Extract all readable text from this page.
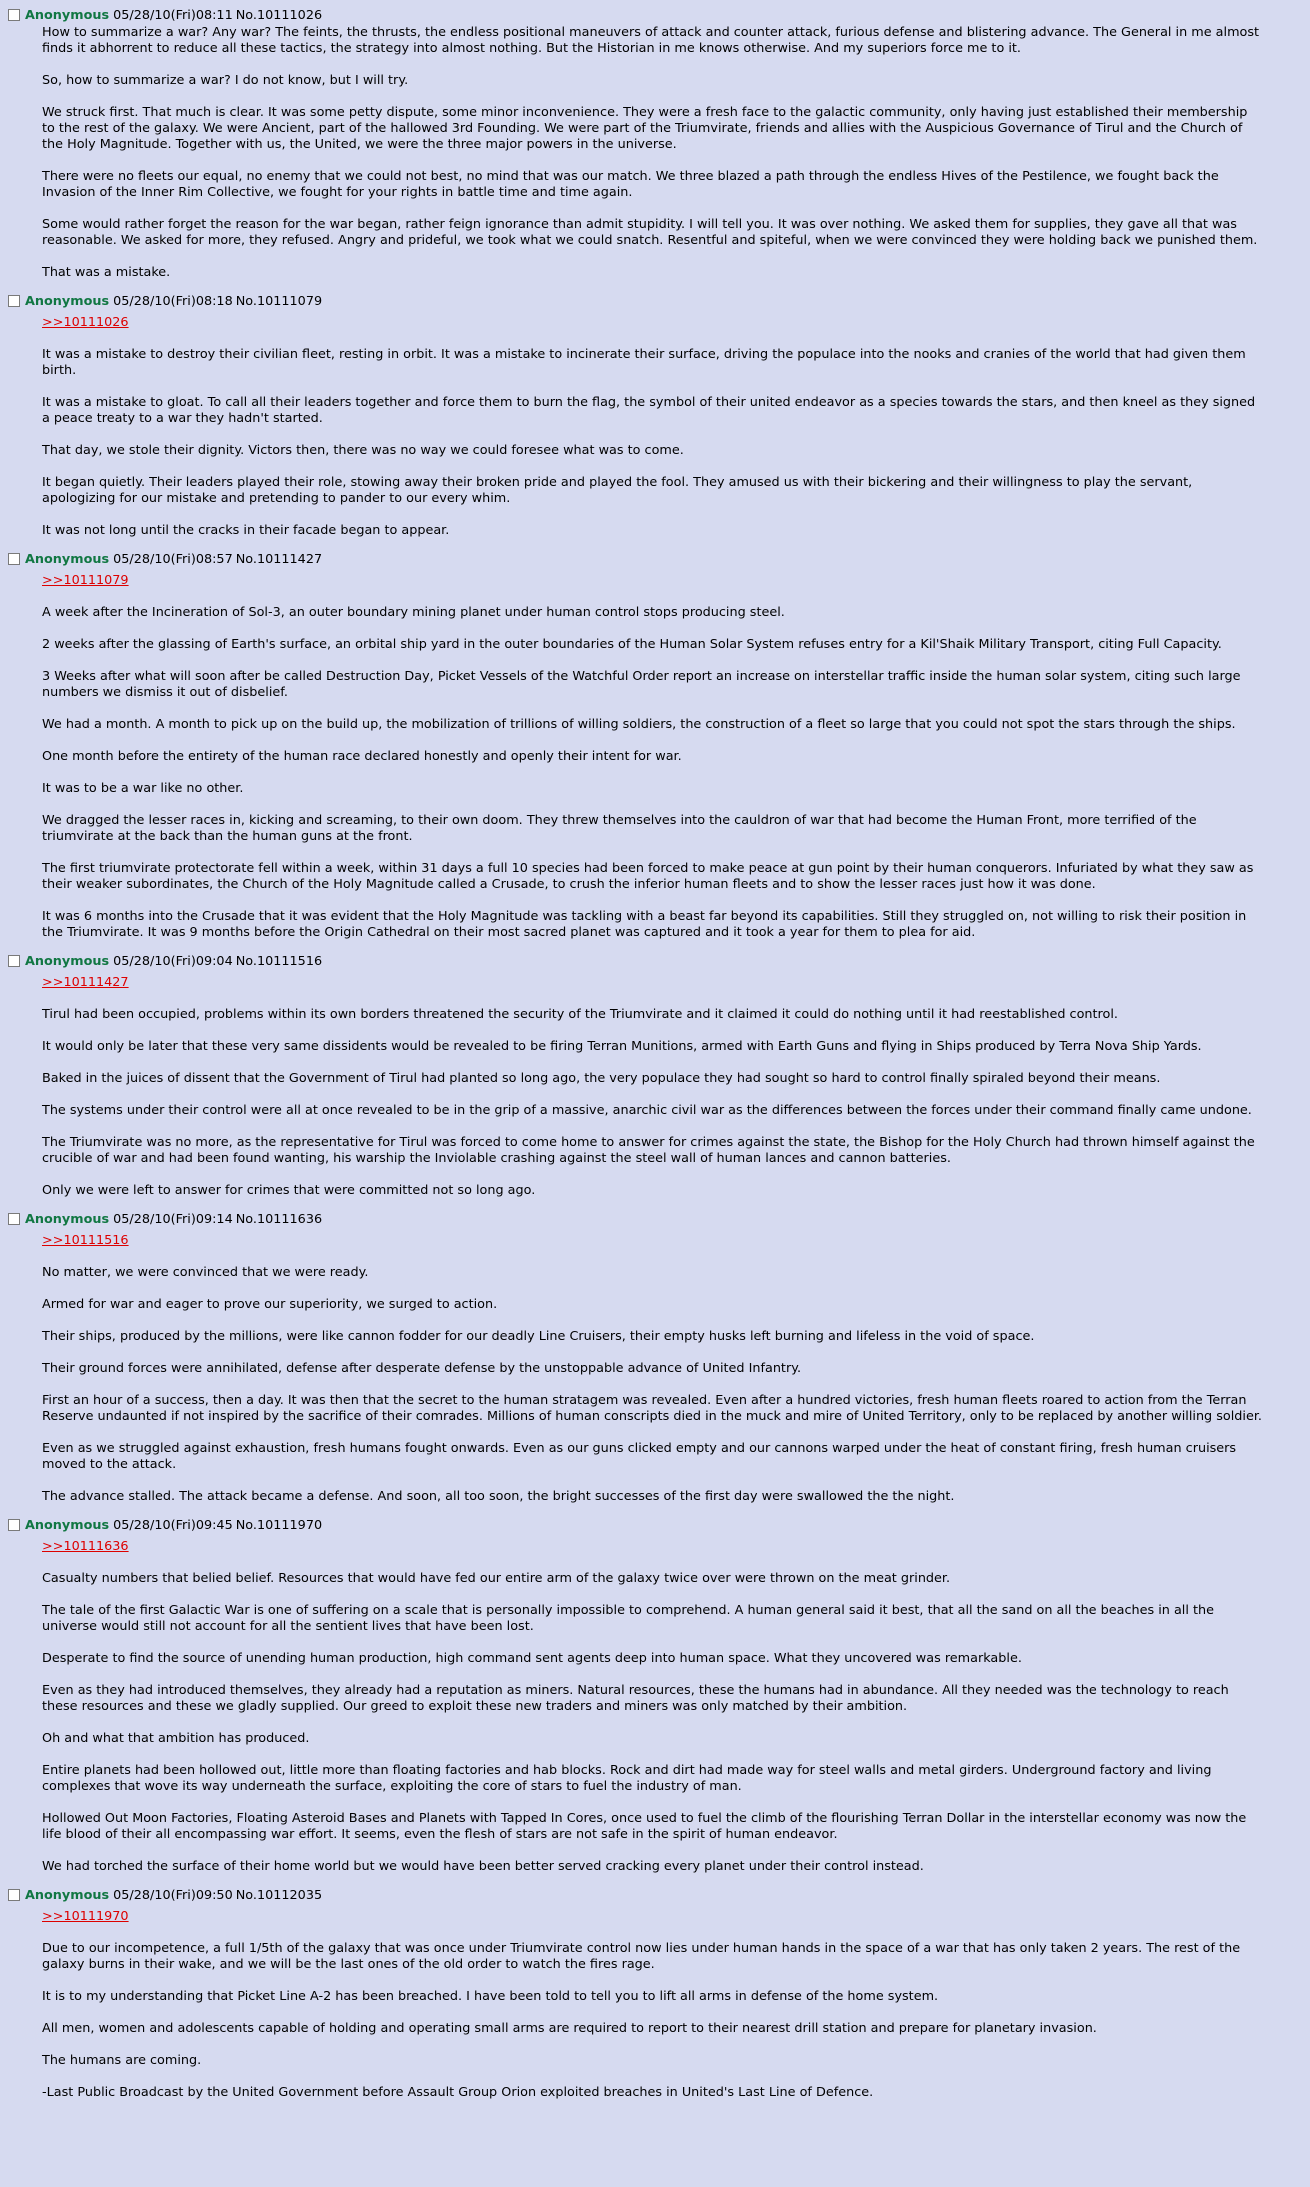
Anonymous 05/28/10(Fri)08:11 No.10111026

How to summarize a war? Any war? The feints, the thrusts, the endless positional maneuvers of attack and counter attack, furious defense and blistering advance. The General in me almost finds it abhorrent to reduce all these tactics, the strategy into almost nothing. But the Historian in me knows otherwise. And my superiors force me to it.

So, how to summarize a war? I do not know, but I will try.

We struck first. That much is clear. It was some petty dispute, some minor inconvenience. They were a fresh face to the galactic community, only having just established their membership to the rest of the galaxy. We were Ancient, part of the hallowed 3rd Founding. We were part of the Triumvirate, friends and allies with the Auspicious Governance of Tirul and the Church of the Holy Magnitude. Together with us, the United, we were the three major powers in the universe.

There were no fleets our equal, no enemy that we could not best, no mind that was our match. We three blazed a path through the endless Hives of the Pestilence, we fought back the Invasion of the Inner Rim Collective, we fought for your rights in battle time and time again.

Some would rather forget the reason for the war began, rather feign ignorance than admit stupidity. I will tell you. It was over nothing. We asked them for supplies, they gave all that was reasonable. We asked for more, they refused. Angry and prideful, we took what we could snatch. Resentful and spiteful, when we were convinced they were holding back we punished them.

That was a mistake.

Anonymous 05/28/10(Fri)08:18 No.10111079

>>10111026

It was a mistake to destroy their civilian fleet, resting in orbit. It was a mistake to incinerate their surface, driving the populace into the nooks and cranies of the world that had given them birth.

It was a mistake to gloat. To call all their leaders together and force them to burn the flag, the symbol of their united endeavor as a species towards the stars, and then kneel as they signed a peace treaty to a war they hadn't started.

That day, we stole their dignity. Victors then, there was no way we could foresee what was to come.

It began quietly. Their leaders played their role, stowing away their broken pride and played the fool. They amused us with their bickering and their willingness to play the servant, apologizing for our mistake and pretending to pander to our every whim.

It was not long until the cracks in their facade began to appear.

Anonymous 05/28/10(Fri)08:57 No.10111427

>>10111079

A week after the Incineration of Sol-3, an outer boundary mining planet under human control stops producing steel.

2 weeks after the glassing of Earth's surface, an orbital ship yard in the outer boundaries of the Human Solar System refuses entry for a Kil'Shaik Military Transport, citing Full Capacity.

3 Weeks after what will soon after be called Destruction Day, Picket Vessels of the Watchful Order report an increase on interstellar traffic inside the human solar system, citing such large numbers we dismiss it out of disbelief.

We had a month. A month to pick up on the build up, the mobilization of trillions of willing soldiers, the construction of a fleet so large that you could not spot the stars through the ships.

One month before the entirety of the human race declared honestly and openly their intent for war.

It was to be a war like no other.

We dragged the lesser races in, kicking and screaming, to their own doom. They threw themselves into the cauldron of war that had become the Human Front, more terrified of the triumvirate at the back than the human guns at the front.

The first triumvirate protectorate fell within a week, within 31 days a full 10 species had been forced to make peace at gun point by their human conquerors. Infuriated by what they saw as their weaker subordinates, the Church of the Holy Magnitude called a Crusade, to crush the inferior human fleets and to show the lesser races just how it was done.

It was 6 months into the Crusade that it was evident that the Holy Magnitude was tackling with a beast far beyond its capabilities. Still they struggled on, not willing to risk their position in the Triumvirate. It was 9 months before the Origin Cathedral on their most sacred planet was captured and it took a year for them to plea for aid.

Anonymous 05/28/10(Fri)09:04 No.10111516

>>10111427

Tirul had been occupied, problems within its own borders threatened the security of the Triumvirate and it claimed it could do nothing until it had reestablished control.

It would only be later that these very same dissidents would be revealed to be firing Terran Munitions, armed with Earth Guns and flying in Ships produced by Terra Nova Ship Yards.

Baked in the juices of dissent that the Government of Tirul had planted so long ago, the very populace they had sought so hard to control finally spiraled beyond their means.

The systems under their control were all at once revealed to be in the grip of a massive, anarchic civil war as the differences between the forces under their command finally came undone.

The Triumvirate was no more, as the representative for Tirul was forced to come home to answer for crimes against the state, the Bishop for the Holy Church had thrown himself against the crucible of war and had been found wanting, his warship the Inviolable crashing against the steel wall of human lances and cannon batteries.

Only we were left to answer for crimes that were committed not so long ago.

Anonymous 05/28/10(Fri)09:14 No.10111636

>>10111516

No matter, we were convinced that we were ready.

Armed for war and eager to prove our superiority, we surged to action.

Their ships, produced by the millions, were like cannon fodder for our deadly Line Cruisers, their empty husks left burning and lifeless in the void of space.

Their ground forces were annihilated, defense after desperate defense by the unstoppable advance of United Infantry.

First an hour of a success, then a day. It was then that the secret to the human stratagem was revealed. Even after a hundred victories, fresh human fleets roared to action from the Terran Reserve undaunted if not inspired by the sacrifice of their comrades. Millions of human conscripts died in the muck and mire of United Territory, only to be replaced by another willing soldier.

Even as we struggled against exhaustion, fresh humans fought onwards. Even as our guns clicked empty and our cannons warped under the heat of constant firing, fresh human cruisers moved to the attack.

The advance stalled. The attack became a defense. And soon, all too soon, the bright successes of the first day were swallowed the the night.

Anonymous 05/28/10(Fri)09:45 No.10111970

>>10111636

Casualty numbers that belied belief. Resources that would have fed our entire arm of the galaxy twice over were thrown on the meat grinder.

The tale of the first Galactic War is one of suffering on a scale that is personally impossible to comprehend. A human general said it best, that all the sand on all the beaches in all the universe would still not account for all the sentient lives that have been lost.

Desperate to find the source of unending human production, high command sent agents deep into human space. What they uncovered was remarkable.

Even as they had introduced themselves, they already had a reputation as miners. Natural resources, these the humans had in abundance. All they needed was the technology to reach these resources and these we gladly supplied. Our greed to exploit these new traders and miners was only matched by their ambition.

Oh and what that ambition has produced.

Entire planets had been hollowed out, little more than floating factories and hab blocks. Rock and dirt had made way for steel walls and metal girders. Underground factory and living complexes that wove its way underneath the surface, exploiting the core of stars to fuel the industry of man.

Hollowed Out Moon Factories, Floating Asteroid Bases and Planets with Tapped In Cores, once used to fuel the climb of the flourishing Terran Dollar in the interstellar economy was now the life blood of their all encompassing war effort. It seems, even the flesh of stars are not safe in the spirit of human endeavor.

We had torched the surface of their home world but we would have been better served cracking every planet under their control instead.

Anonymous 05/28/10(Fri)09:50 No.10112035

>>10111970

Due to our incompetence, a full 1/5th of the galaxy that was once under Triumvirate control now lies under human hands in the space of a war that has only taken 2 years. The rest of the galaxy burns in their wake, and we will be the last ones of the old order to watch the fires rage.

It is to my understanding that Picket Line A-2 has been breached. I have been told to tell you to lift all arms in defense of the home system.

All men, women and adolescents capable of holding and operating small arms are required to report to their nearest drill station and prepare for planetary invasion.

The humans are coming.

-Last Public Broadcast by the United Government before Assault Group Orion exploited breaches in United's Last Line of Defence.
